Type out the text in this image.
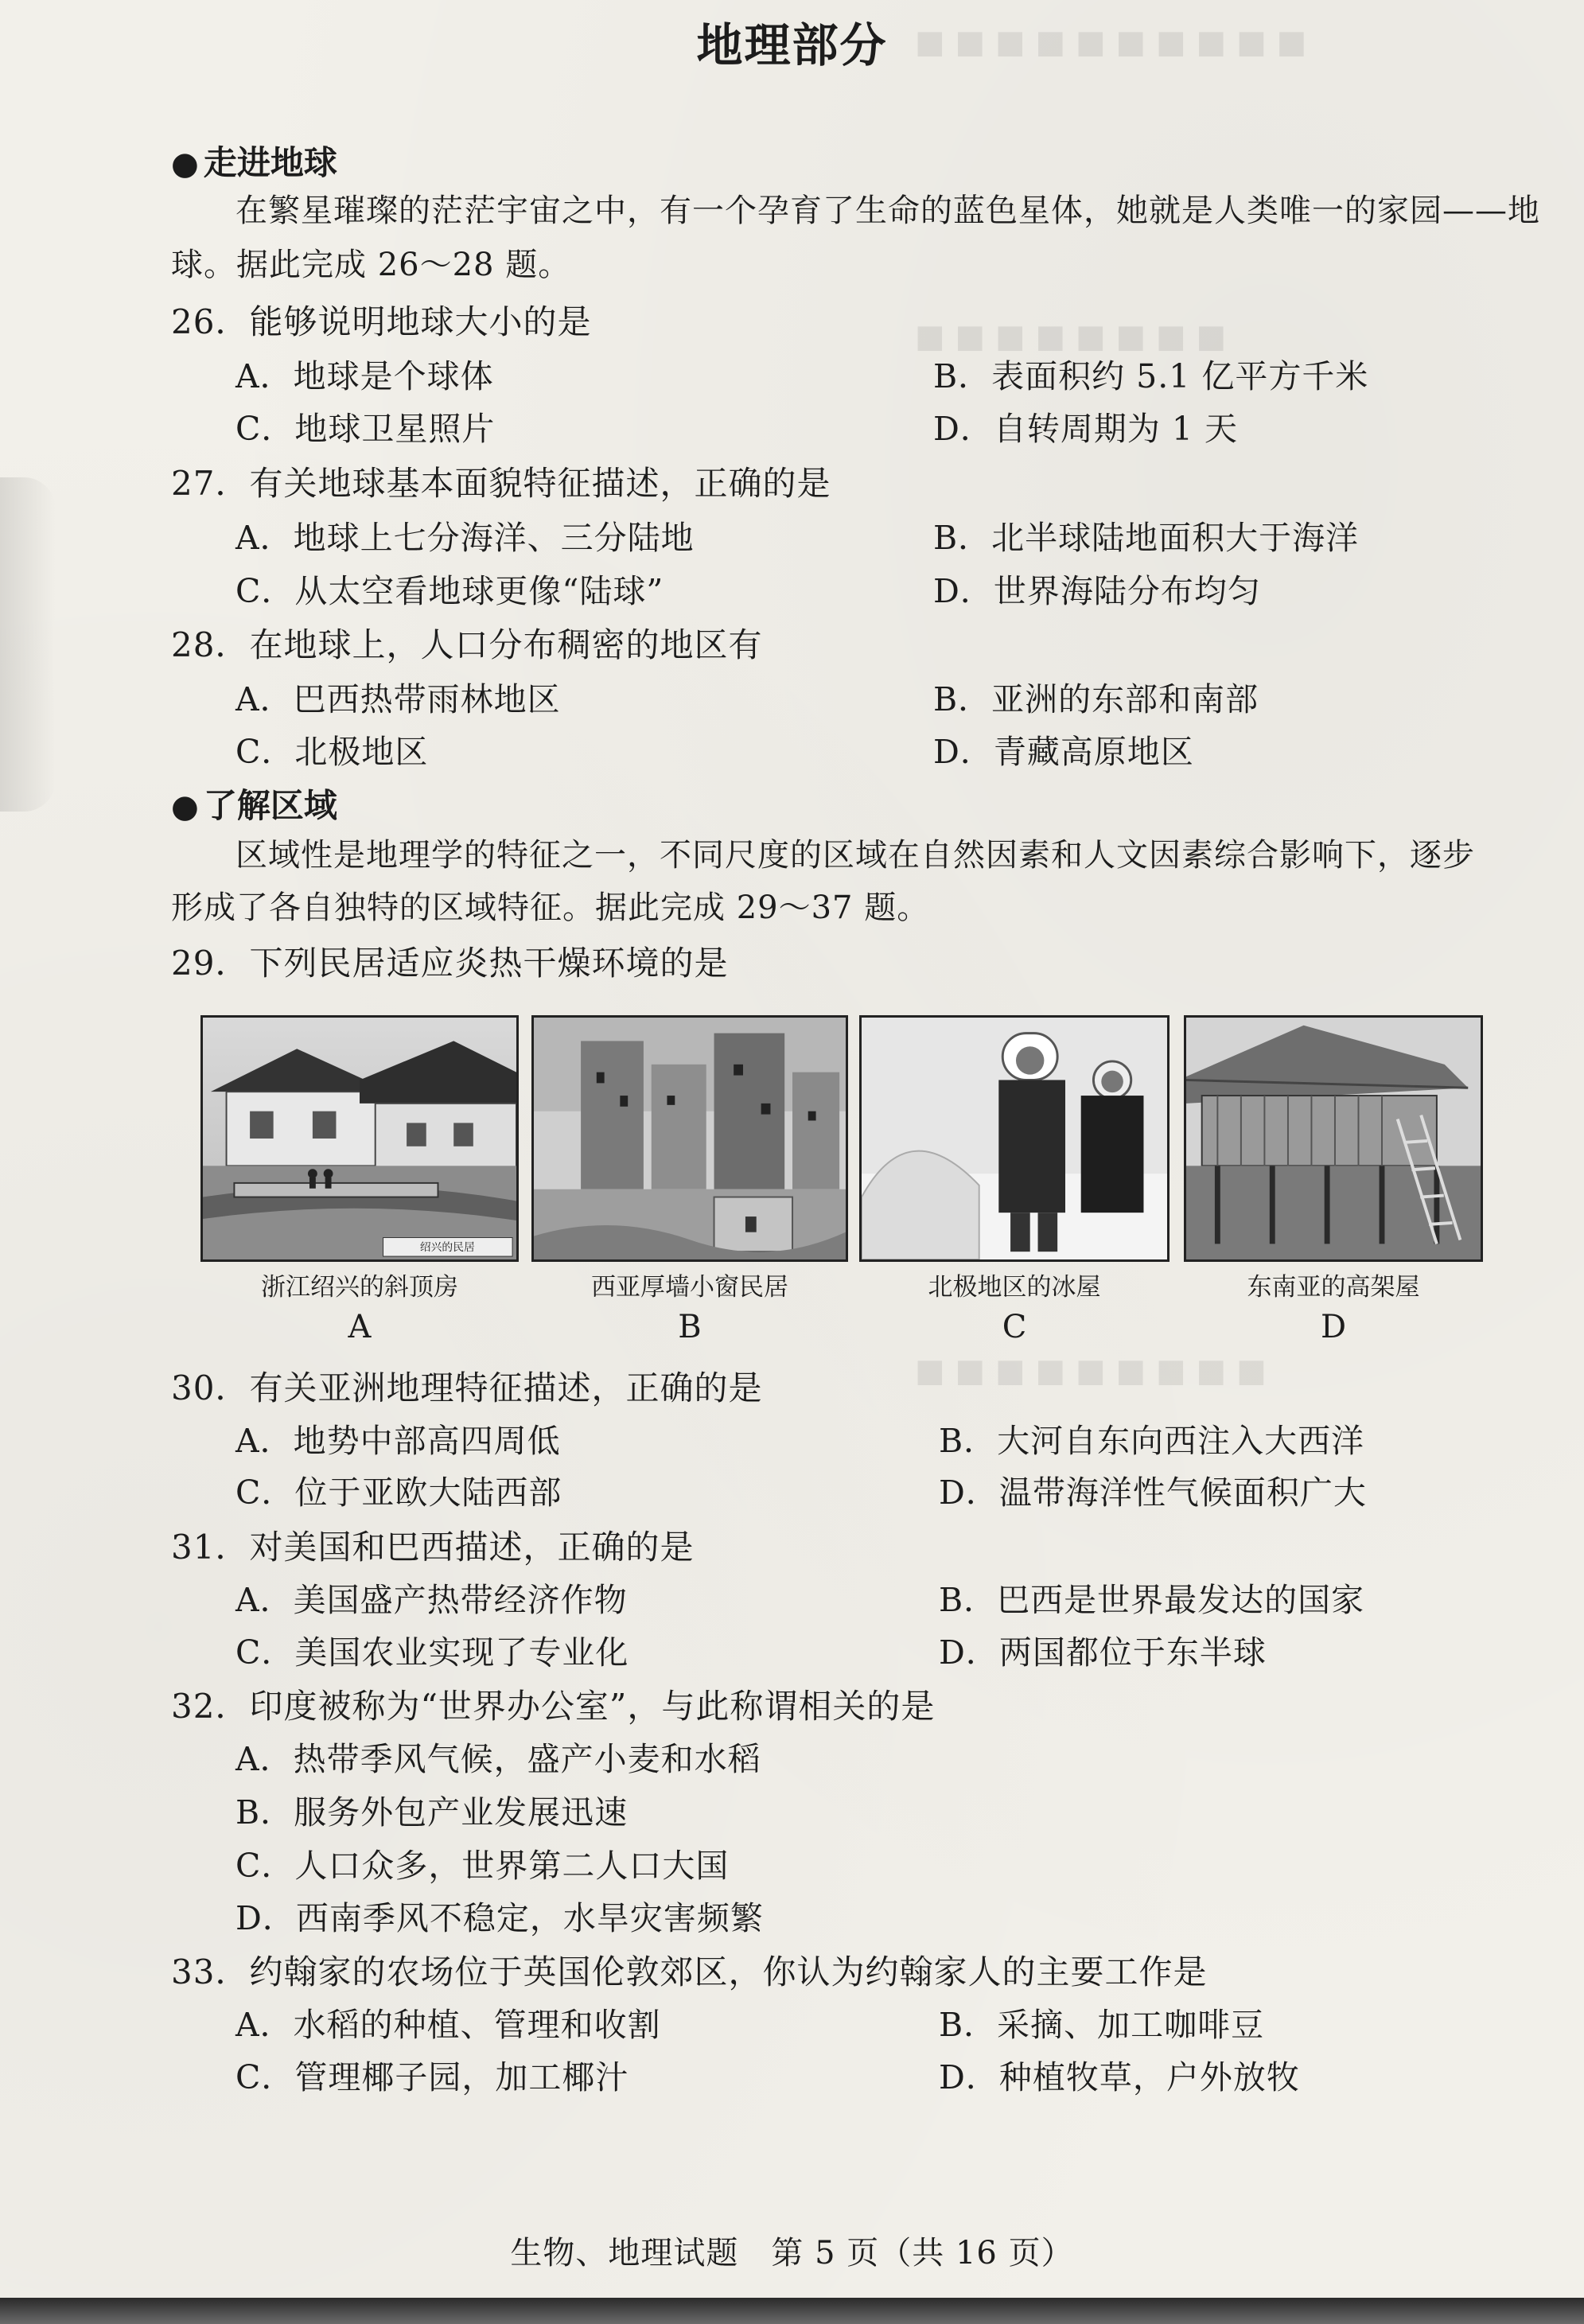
■ ■ ■ ■ ■ ■ ■ ■ ■ ■
■ ■ ■ ■ ■ ■ ■ ■
■ ■ ■ ■ ■ ■ ■ ■ ■
地理部分
● 走进地球
在繁星璀璨的茫茫宇宙之中，有一个孕育了生命的蓝色星体，她就是人类唯一的家园——地
球。据此完成 26～28 题。
26．能够说明地球大小的是
A．地球是个球体	B．表面积约 5.1 亿平方千米
C．地球卫星照片	D．自转周期为 1 天
27．有关地球基本面貌特征描述，正确的是
A．地球上七分海洋、三分陆地	B．北半球陆地面积大于海洋
C．从太空看地球更像“陆球”	D．世界海陆分布均匀
28．在地球上，人口分布稠密的地区有
A．巴西热带雨林地区	B．亚洲的东部和南部
C．北极地区	D．青藏高原地区
● 了解区域
区域性是地理学的特征之一，不同尺度的区域在自然因素和人文因素综合影响下，逐步
形成了各自独特的区域特征。据此完成 29～37 题。
29．下列民居适应炎热干燥环境的是
绍兴的民居
浙江绍兴的斜顶房	西亚厚墙小窗民居	北极地区的冰屋	东南亚的高架屋
A	B	C	D
30．有关亚洲地理特征描述，正确的是
A．地势中部高四周低	B．大河自东向西注入大西洋
C．位于亚欧大陆西部	D．温带海洋性气候面积广大
31．对美国和巴西描述，正确的是
A．美国盛产热带经济作物	B．巴西是世界最发达的国家
C．美国农业实现了专业化	D．两国都位于东半球
32．印度被称为“世界办公室”，与此称谓相关的是
A．热带季风气候，盛产小麦和水稻
B．服务外包产业发展迅速
C．人口众多，世界第二人口大国
D．西南季风不稳定，水旱灾害频繁
33．约翰家的农场位于英国伦敦郊区，你认为约翰家人的主要工作是
A．水稻的种植、管理和收割	B．采摘、加工咖啡豆
C．管理椰子园，加工椰汁	D．种植牧草，户外放牧
生物、地理试题　第 5 页（共 16 页）
